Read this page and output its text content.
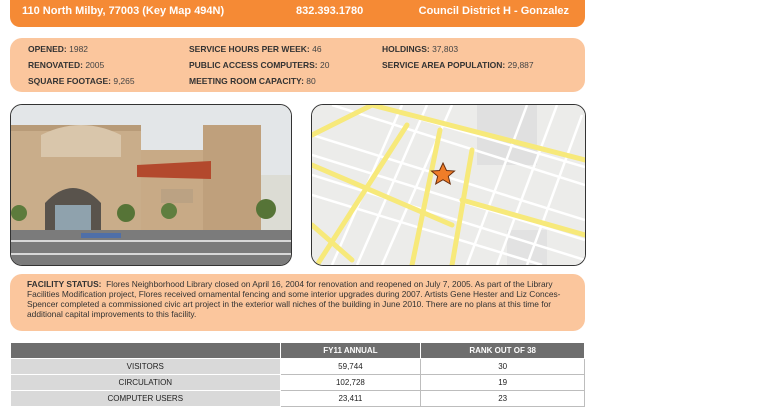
110 North Milby, 77003 (Key Map 494N)	832.393.1780	Council District H - Gonzalez
OPENED: 1982
RENOVATED: 2005
SQUARE FOOTAGE: 9,265
SERVICE HOURS PER WEEK: 46
PUBLIC ACCESS COMPUTERS: 20
MEETING ROOM CAPACITY: 80
HOLDINGS: 37,803
SERVICE AREA POPULATION: 29,887

FACILITY STATUS: Flores Neighborhood Library closed on April 16, 2004 for renovation and reopened on July 7, 2005. As part of the Library Facilities Modification project, Flores received ornamental fencing and some interior upgrades during 2007. Artists Gene Hester and Liz Conces-Spencer completed a commissioned civic art project in the exterior wall niches of the building in June 2010. There are no plans at this time for additional capital improvements to this facility.

	FY11 ANNUAL	RANK OUT OF 38
VISITORS	59,744	30
CIRCULATION	102,728	19
COMPUTER USERS	23,411	23
